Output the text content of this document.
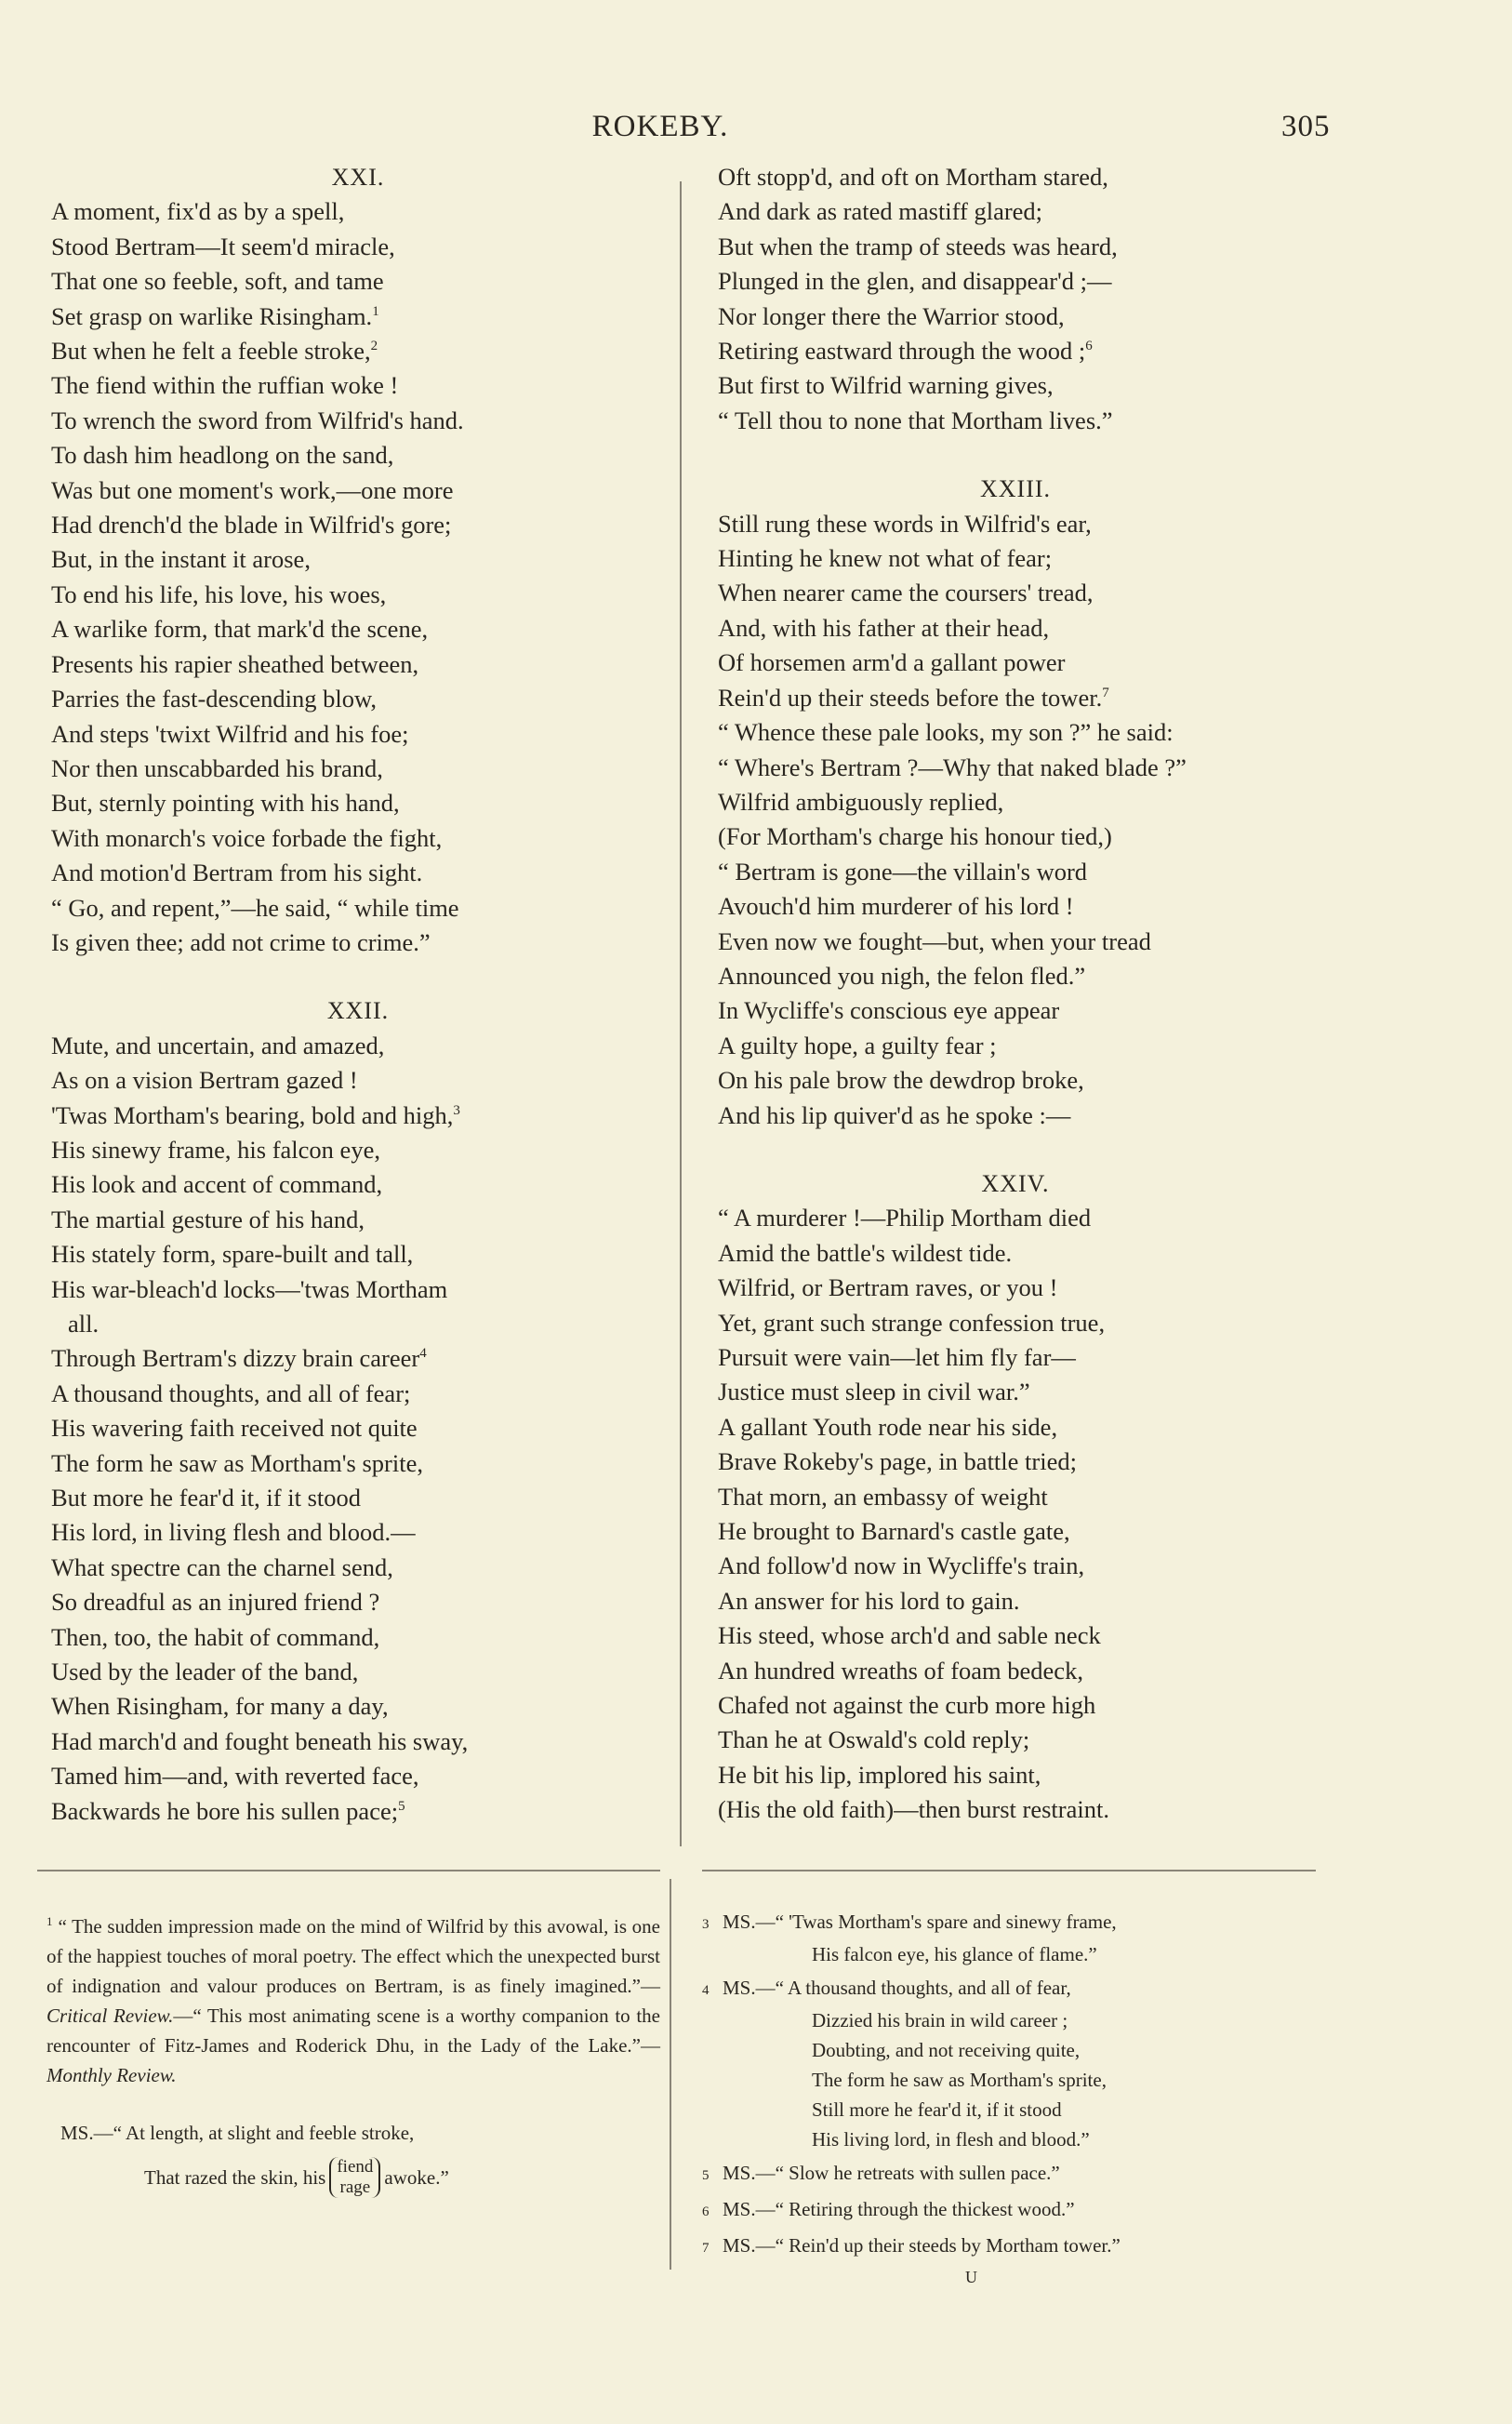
ROKEBY.	305
XXI.
A moment, fix'd as by a spell,
Stood Bertram—It seem'd miracle,
That one so feeble, soft, and tame
Set grasp on warlike Risingham.$^1$
But when he felt a feeble stroke,$^2$
The fiend within the ruffian woke !
To wrench the sword from Wilfrid's hand.
To dash him headlong on the sand,
Was but one moment's work,—one more
Had drench'd the blade in Wilfrid's gore;
But, in the instant it arose,
To end his life, his love, his woes,
A warlike form, that mark'd the scene,
Presents his rapier sheathed between,
Parries the fast-descending blow,
And steps 'twixt Wilfrid and his foe;
Nor then unscabbarded his brand,
But, sternly pointing with his hand,
With monarch's voice forbade the fight,
And motion'd Bertram from his sight.
“ Go, and repent,”—he said, “ while time
Is given thee; add not crime to crime.”
XXII.
Mute, and uncertain, and amazed,
As on a vision Bertram gazed !
'Twas Mortham's bearing, bold and high,$^3$
His sinewy frame, his falcon eye,
His look and accent of command,
The martial gesture of his hand,
His stately form, spare-built and tall,
His war-bleach'd locks—'twas Mortham
all.
Through Bertram's dizzy brain career$^4$
A thousand thoughts, and all of fear;
His wavering faith received not quite
The form he saw as Mortham's sprite,
But more he fear'd it, if it stood
His lord, in living flesh and blood.—
What spectre can the charnel send,
So dreadful as an injured friend ?
Then, too, the habit of command,
Used by the leader of the band,
When Risingham, for many a day,
Had march'd and fought beneath his sway,
Tamed him—and, with reverted face,
Backwards he bore his sullen pace;$^5$
Oft stopp'd, and oft on Mortham stared,
And dark as rated mastiff glared;
But when the tramp of steeds was heard,
Plunged in the glen, and disappear'd ;—
Nor longer there the Warrior stood,
Retiring eastward through the wood ;$^6$
But first to Wilfrid warning gives,
“ Tell thou to none that Mortham lives.”
XXIII.
Still rung these words in Wilfrid's ear,
Hinting he knew not what of fear;
When nearer came the coursers' tread,
And, with his father at their head,
Of horsemen arm'd a gallant power
Rein'd up their steeds before the tower.$^7$
“ Whence these pale looks, my son ?” he said:
“ Where's Bertram ?—Why that naked blade ?”
Wilfrid ambiguously replied,
(For Mortham's charge his honour tied,)
“ Bertram is gone—the villain's word
Avouch'd him murderer of his lord !
Even now we fought—but, when your tread
Announced you nigh, the felon fled.”
In Wycliffe's conscious eye appear
A guilty hope, a guilty fear ;
On his pale brow the dewdrop broke,
And his lip quiver'd as he spoke :—
XXIV.
“ A murderer !—Philip Mortham died
Amid the battle's wildest tide.
Wilfrid, or Bertram raves, or you !
Yet, grant such strange confession true,
Pursuit were vain—let him fly far—
Justice must sleep in civil war.”
A gallant Youth rode near his side,
Brave Rokeby's page, in battle tried;
That morn, an embassy of weight
He brought to Barnard's castle gate,
And follow'd now in Wycliffe's train,
An answer for his lord to gain.
His steed, whose arch'd and sable neck
An hundred wreaths of foam bedeck,
Chafed not against the curb more high
Than he at Oswald's cold reply;
He bit his lip, implored his saint,
(His the old faith)—then burst restraint.
$^1$ “ The sudden impression made on the mind of Wilfrid by this avowal, is one of the happiest touches of moral poetry. The effect which the unexpected burst of indignation and valour produces on Bertram, is as finely imagined.”—Critical Review.—“ This most animating scene is a worthy companion to the rencounter of Fitz-James and Roderick Dhu, in the Lady of the Lake.”—Monthly Review.
MS.—“ At length, at slight and feeble stroke,
That razed the skin, his fiend
rage awoke.”
3 MS.—“ 'Twas Mortham's spare and sinewy frame,
His falcon eye, his glance of flame.”
4 MS.—“ A thousand thoughts, and all of fear,
Dizzied his brain in wild career ;
Doubting, and not receiving quite,
The form he saw as Mortham's sprite,
Still more he fear'd it, if it stood
His living lord, in flesh and blood.”
5 MS.—“ Slow he retreats with sullen pace.”
6 MS.—“ Retiring through the thickest wood.”
7 MS.—“ Rein'd up their steeds by Mortham tower.”
U
